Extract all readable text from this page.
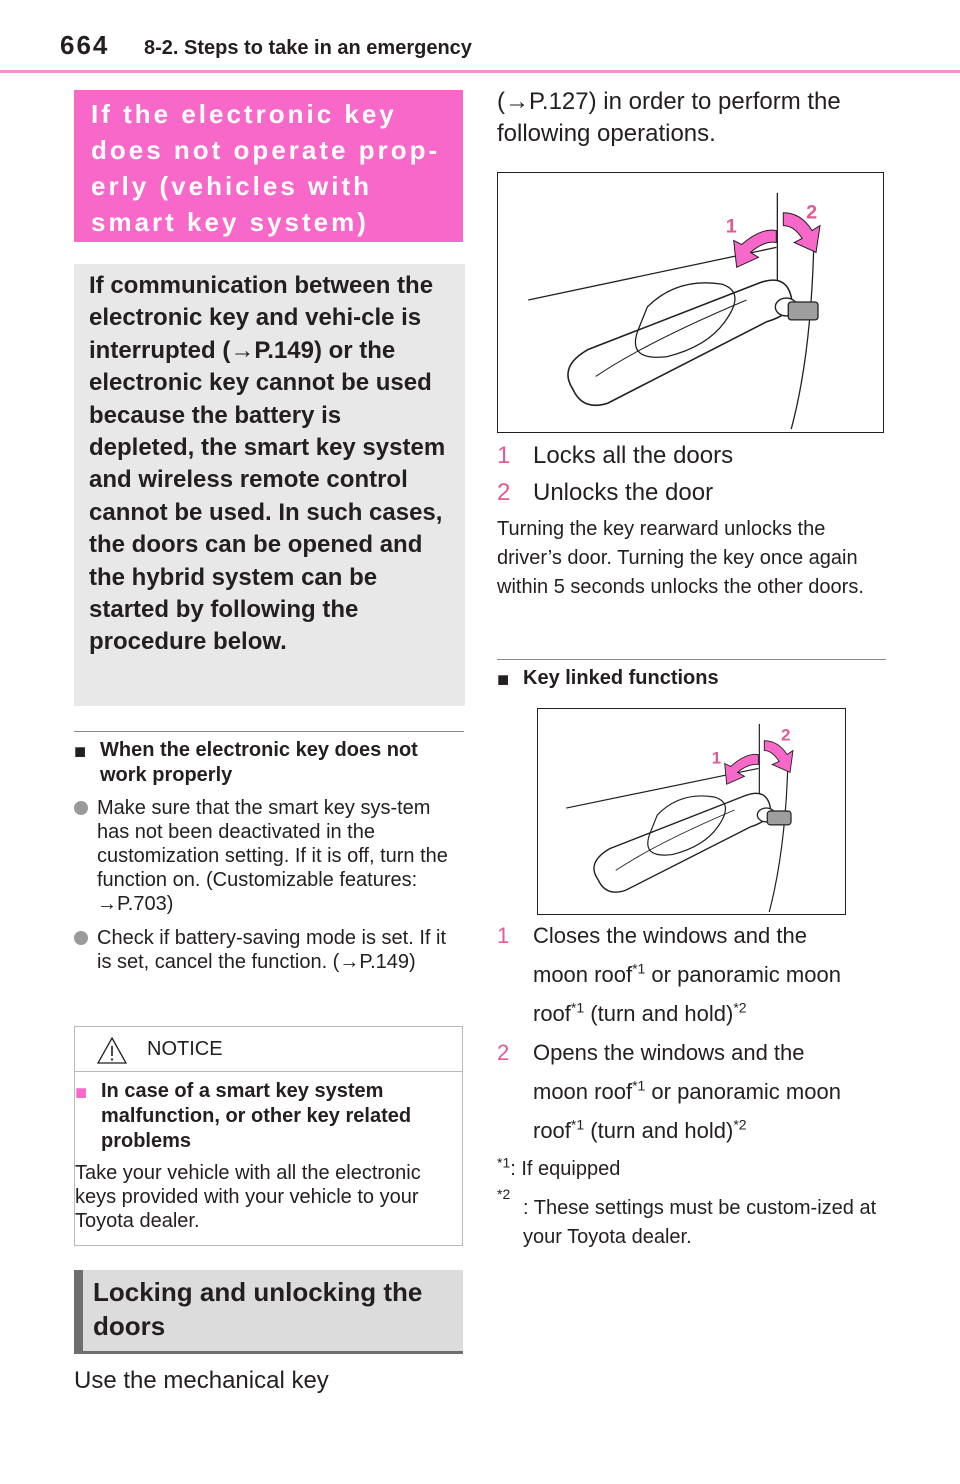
664 8-2. Steps to take in an emergency
If the electronic key does not operate prop-erly (vehicles with smart key system)
If communication between the electronic key and vehi-cle is interrupted (→P.149) or the electronic key cannot be used because the battery is depleted, the smart key system and wireless remote control cannot be used. In such cases, the doors can be opened and the hybrid system can be started by following the procedure below.
■ When the electronic key does not work properly
Make sure that the smart key sys-tem has not been deactivated in the customization setting. If it is off, turn the function on. (Customizable features: →P.703)
Check if battery-saving mode is set. If it is set, cancel the function. (→P.149)
NOTICE
■ In case of a smart key system malfunction, or other key related problems
Take your vehicle with all the electronic keys provided with your vehicle to your Toyota dealer.
Locking and unlocking the doors
Use the mechanical key
(→P.127) in order to perform the following operations.
1
2
1 Locks all the doors
2 Unlocks the door
Turning the key rearward unlocks the driver’s door. Turning the key once again within 5 seconds unlocks the other doors.
■ Key linked functions
1
2
1 Closes the windows and the
moon roof$^{*1}$ or panoramic moon
roof$^{*1}$ (turn and hold)$^{*2}$
2 Opens the windows and the
moon roof$^{*1}$ or panoramic moon
roof$^{*1}$ (turn and hold)$^{*2}$
$^{*1}$: If equipped
*2
: These settings must be custom-ized at your Toyota dealer.
